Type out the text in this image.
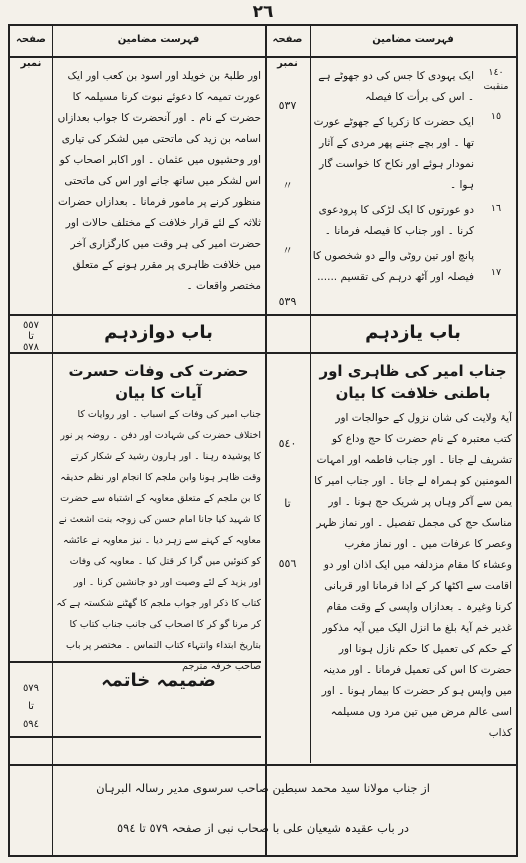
٢٦
صفحہ نمبر
فہرست مضامین	صفحہ نمبر
فہرست مضامین
ایک یہودی کا جس کی دو جھوٹے ہے ۔ اس کی برأت کا فیصلہ
ایک حضرت کا زکریا کے جھوٹے عورت تھا ۔ اور بچے جننے پھر مردی کے آثار نمودار ہوئے اور نکاح کا خواست گار ہوا ۔
دو عورتوں کا ایک لڑکی کا پرودعوی کرنا ۔ اور جناب کا فیصلہ فرمانا ۔
پانچ اور تین روٹی والے دو شخصوں کا فیصلہ اور آٹھ درہم کی تقسیم ......
١٤٠ منقبت
١٥
١٦
١٧
٥٣٧
〃
〃
٥٣٩
اور طلبۃ بن خویلد اور اسود بن کعب اور ایک عورت تمیمہ کا دعوئے نبوت کرنا مسیلمہ کا حضرت کے نام ۔ اور آنحضرت کا جواب بعدازاں اسامہ بن زید کی ماتحتی میں لشکر کی تیاری اور وحشیوں میں عثمان ۔ اور اکابر اصحاب کو اس لشکر میں ساتھ جانے اور اس کی ماتحتی منظور کرنے پر مامور فرمانا ۔ بعدازاں حضرات ثلاثہ کے لئے قرار خلافت کے مختلف حالات اور حضرت امیر کی ہر وقت میں کارگزاری آخر میں خلافت ظاہری پر مقرر ہونے کے متعلق مختصر واقعات ۔
باب یازدہم
باب دوازدہم
٥٥٧
تا
٥٧٨
جناب امیر کی ظاہری اور باطنی خلافت کا بیان
آیۂ ولایت کی شان نزول کے حوالجات اور کتب معتبرہ کے نام حضرت کا حج وداع کو تشریف لے جانا ۔ اور جناب فاطمہ اور امہات المومنین کو ہمراہ لے جانا ۔ اور جناب امیر کا یمن سے آکر وہاں پر شریک حج ہونا ۔ اور مناسک حج کی مجمل تفصیل ۔ اور نماز ظہر وعصر کا عرفات میں ۔ اور نماز مغرب وعشاء کا مقام مزدلفہ میں ایک اذان اور دو اقامت سے اکٹھا کر کے ادا فرمانا اور قربانی کرنا وغیرہ ۔ بعدازاں واپسی کے وقت مقام غدیر خم آیۂ بلغ ما انزل الیک میں آیہ مذکور کے حکم کی تعمیل کا حکم نازل ہونا اور حضرت کا اس کی تعمیل فرمانا ۔ اور مدینہ میں واپس ہو کر حضرت کا بیمار ہونا ۔ اور اسی عالم مرض میں تین مرد وں مسیلمہ کذاب
٥٤٠
تا
٥٥٦
حضرت کی وفات حسرت آیات کا بیان
جناب امیر کی وفات کے اسباب ۔ اور روایات کا اختلاف حضرت کی شہادت اور دفن ۔ روضہ پر نور کا پوشیدہ رہنا ۔ اور ہارون رشید کے شکار کرتے وقت ظاہر ہونا وابن ملجم کا انجام اور نظم حدیقہ کا بن ملجم کے متعلق معاویہ کے اشتباہ سے حضرت کا شہید کیا جانا امام حسن کی زوجہ بنت اشعث نے معاویہ کے کہنے سے زہر دیا ۔ نیز معاویہ نے عائشہ کو کنوئیں میں گرا کر قتل کیا ۔ معاویہ کی وفات اور یزید کے لئے وصیت اور دو جانشین کرنا ۔ اور کتاب کا ذکر اور جواب ملجم کا گھٹنے شکستہ ہے کہ کر مرنا گو کر کا اصحاب کی جانب جناب کتاب کا بتاریخ ابتداء وانتہاء کتاب التماس ۔ مختصر پر باب صاحب خرفہ مترجم
ضمیمہ خاتمہ
٥٧٩
تا
٥٩٤
از جناب مولانا سید محمد سبطین صاحب سرسوی مدیر رسالہ البرہان
در باب عقیدہ شیعیان علی با صحاب نبی از صفحہ ٥٧٩ تا ٥٩٤
